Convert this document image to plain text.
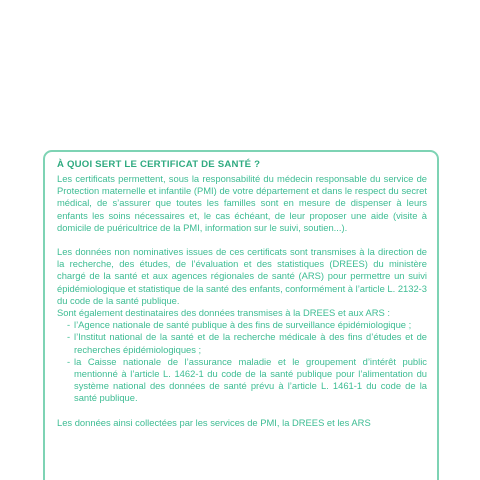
À QUOI SERT LE CERTIFICAT DE SANTÉ ?

Les certificats permettent, sous la responsabilité du médecin responsable du service de Protection maternelle et infantile (PMI) de votre département et dans le respect du secret médical, de s’assurer que toutes les familles sont en mesure de dispenser à leurs enfants les soins nécessaires et, le cas échéant, de leur proposer une aide (visite à domicile de puéricultrice de la PMI, information sur le suivi, soutien...).

Les données non nominatives issues de ces certificats sont transmises à la direction de la recherche, des études, de l’évaluation et des statistiques (DREES) du ministère chargé de la santé et aux agences régionales de santé (ARS) pour permettre un suivi épidémiologique et statistique de la santé des enfants, conformément à l’article L. 2132-3 du code de la santé publique.

Sont également destinataires des données transmises à la DREES et aux ARS :

- l’Agence nationale de santé publique à des fins de surveillance épidémiologique ;
- l’Institut national de la santé et de la recherche médicale à des fins d’études et de recherches épidémiologiques ;
- la Caisse nationale de l’assurance maladie et le groupement d’intérêt public mentionné à l’article L. 1462-1 du code de la santé publique pour l’alimentation du système national des données de santé prévu à l’article L. 1461-1 du code de la santé publique.

Les données ainsi collectées par les services de PMI, la DREES et les ARS
